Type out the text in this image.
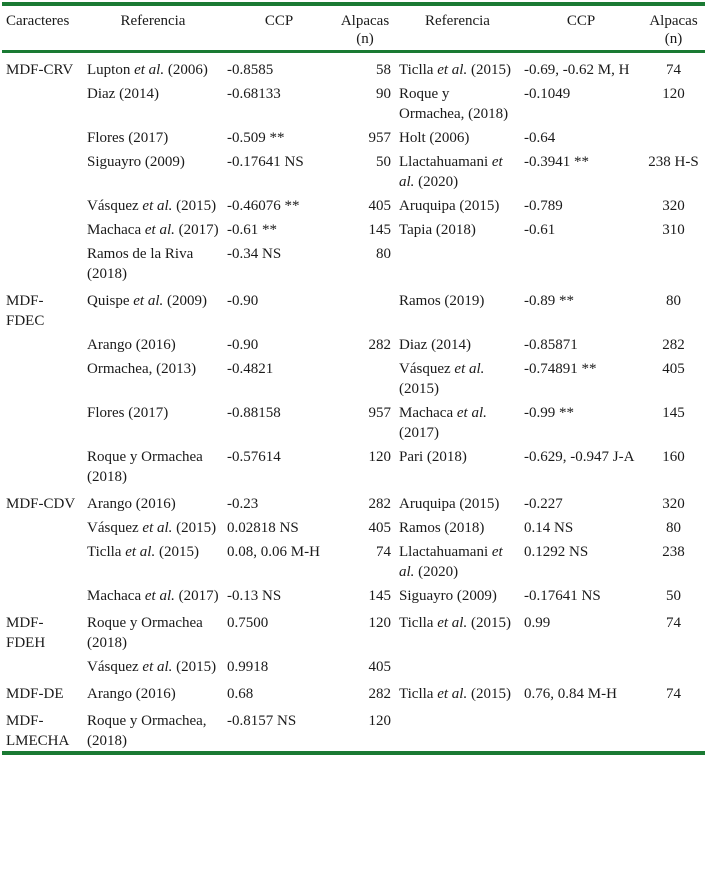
Caracteres	Referencia	CCP	Alpacas (n)	Referencia	CCP	Alpacas (n)

MDF-CRV	Lupton et al. (2006)	-0.8585	58	Ticlla et al. (2015)	-0.69, -0.62 M, H	74
	Diaz (2014)	-0.68133	90	Roque y Ormachea, (2018)	-0.1049	120
	Flores (2017)	-0.509 **	957	Holt (2006)	-0.64	
	Siguayro (2009)	-0.17641 NS	50	Llactahuamani et al. (2020)	-0.3941 **	238 H-S
	Vásquez et al. (2015)	-0.46076 **	405	Aruquipa (2015)	-0.789	320
	Machaca et al. (2017)	-0.61 **	145	Tapia (2018)	-0.61	310
	Ramos de la Riva (2018)	-0.34 NS	80			
MDF-FDEC	Quispe et al. (2009)	-0.90		Ramos (2019)	-0.89 **	80
	Arango (2016)	-0.90	282	Diaz (2014)	-0.85871	282
	Ormachea, (2013)	-0.4821		Vásquez et al. (2015)	-0.74891 **	405
	Flores (2017)	-0.88158	957	Machaca et al. (2017)	-0.99 **	145
	Roque y Ormachea (2018)	-0.57614	120	Pari (2018)	-0.629, -0.947 J-A	160
MDF-CDV	Arango (2016)	-0.23	282	Aruquipa (2015)	-0.227	320
	Vásquez et al. (2015)	0.02818 NS	405	Ramos (2018)	0.14 NS	80
	Ticlla et al. (2015)	0.08, 0.06 M-H	74	Llactahuamani et al. (2020)	0.1292 NS	238
	Machaca et al. (2017)	-0.13 NS	145	Siguayro (2009)	-0.17641 NS	50
MDF-FDEH	Roque y Ormachea (2018)	0.7500	120	Ticlla et al. (2015)	0.99	74
	Vásquez et al. (2015)	0.9918	405			
MDF-DE	Arango (2016)	0.68	282	Ticlla et al. (2015)	0.76, 0.84 M-H	74
MDF-LMECHA	Roque y Ormachea, (2018)	-0.8157 NS	120			
